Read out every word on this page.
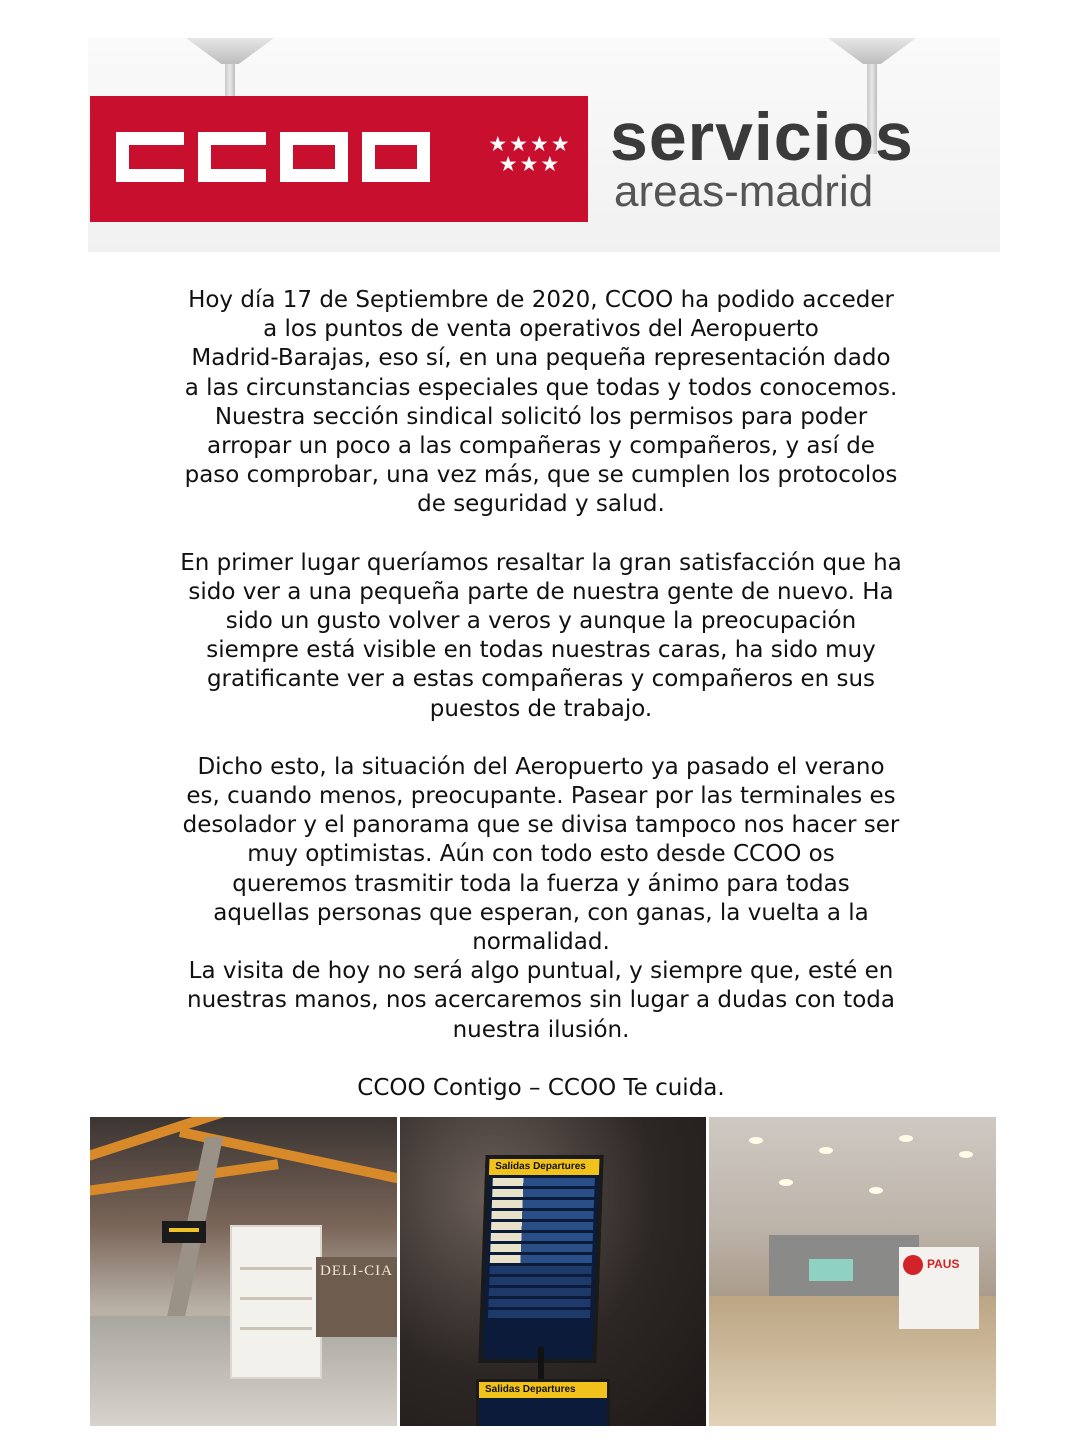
★★★★ ★★★ servicios
areas-madrid

Hoy día 17 de Septiembre de 2020, CCOO ha podido acceder
a los puntos de venta operativos del Aeropuerto
Madrid-Barajas, eso sí, en una pequeña representación dado
a las circunstancias especiales que todas y todos conocemos.
Nuestra sección sindical solicitó los permisos para poder
arropar un poco a las compañeras y compañeros, y así de
paso comprobar, una vez más, que se cumplen los protocolos
de seguridad y salud.

En primer lugar queríamos resaltar la gran satisfacción que ha
sido ver a una pequeña parte de nuestra gente de nuevo. Ha
sido un gusto volver a veros y aunque la preocupación
siempre está visible en todas nuestras caras, ha sido muy
gratificante ver a estas compañeras y compañeros en sus
puestos de trabajo.

Dicho esto, la situación del Aeropuerto ya pasado el verano
es, cuando menos, preocupante. Pasear por las terminales es
desolador y el panorama que se divisa tampoco nos hacer ser
muy optimistas. Aún con todo esto desde CCOO os
queremos trasmitir toda la fuerza y ánimo para todas
aquellas personas que esperan, con ganas, la vuelta a la
normalidad.

La visita de hoy no será algo puntual, y siempre que, esté en
nuestras manos, nos acercaremos sin lugar a dudas con toda
nuestra ilusión.

CCOO Contigo – CCOO Te cuida.

DELI-CIA
Salidas Departures
Salidas Departures
PAUS
